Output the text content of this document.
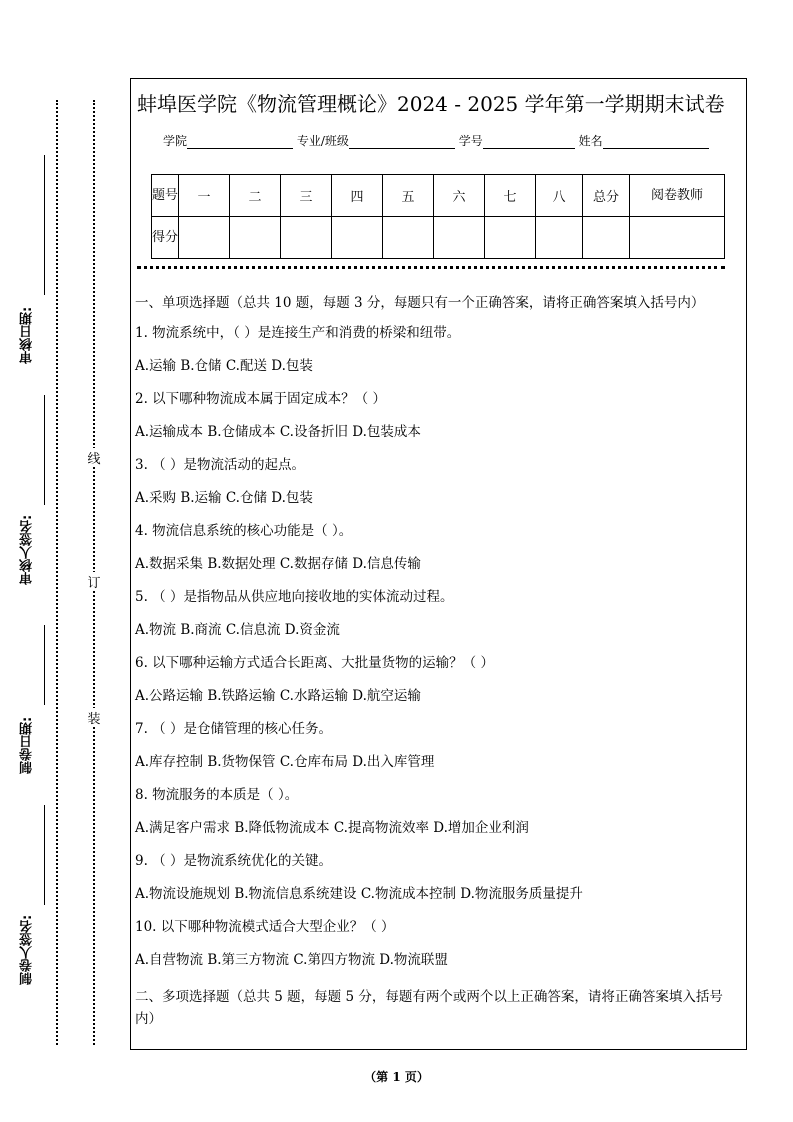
审核日期:
审核人签名:
制卷日期:
制卷人签名:
线
订
装
蚌埠医学院《物流管理概论》2024 - 2025 学年第一学期期末试卷
学院	专业/班级	学号	姓名
题号	一	二	三	四	五	六	七	八	总分	阅卷教师
得分										
一、单项选择题（总共 10 题，每题 3 分，每题只有一个正确答案，请将正确答案填入括号内）
1. 物流系统中，（ ）是连接生产和消费的桥梁和纽带。
A.运输 B.仓储 C.配送 D.包装
2. 以下哪种物流成本属于固定成本？（ ）
A.运输成本 B.仓储成本 C.设备折旧 D.包装成本
3. （ ）是物流活动的起点。
A.采购 B.运输 C.仓储 D.包装
4. 物流信息系统的核心功能是（ ）。
A.数据采集 B.数据处理 C.数据存储 D.信息传输
5. （ ）是指物品从供应地向接收地的实体流动过程。
A.物流 B.商流 C.信息流 D.资金流
6. 以下哪种运输方式适合长距离、大批量货物的运输？（ ）
A.公路运输 B.铁路运输 C.水路运输 D.航空运输
7. （ ）是仓储管理的核心任务。
A.库存控制 B.货物保管 C.仓库布局 D.出入库管理
8. 物流服务的本质是（ ）。
A.满足客户需求 B.降低物流成本 C.提高物流效率 D.增加企业利润
9. （ ）是物流系统优化的关键。
A.物流设施规划 B.物流信息系统建设 C.物流成本控制 D.物流服务质量提升
10. 以下哪种物流模式适合大型企业？（ ）
A.自营物流 B.第三方物流 C.第四方物流 D.物流联盟
二、多项选择题（总共 5 题，每题 5 分，每题有两个或两个以上正确答案，请将正确答案填入括号内）
（第 1 页）
